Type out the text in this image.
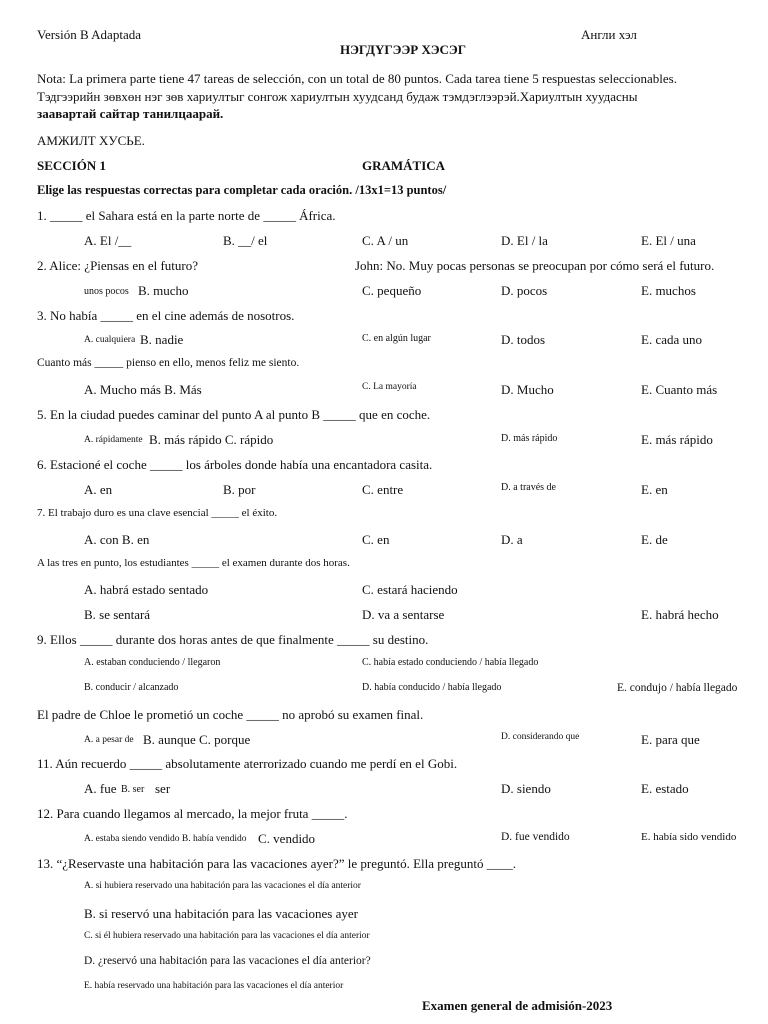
Versión B Adaptada	Англи хэл
НЭГДҮГЭЭР ХЭСЭГ
Nota: La primera parte tiene 47 tareas de selección, con un total de 80 puntos. Cada tarea tiene 5 respuestas seleccionables.
Тэдгээрийн зөвхөн нэг зөв хариултыг сонгож хариултын хуудсанд будаж тэмдэглээрэй.Хариултын хуудасны
заавартай сайтар танилцаарай.
АМЖИЛТ ХУСЬЕ.
SECCIÓN 1	GRAMÁTICA
Elige las respuestas correctas para completar cada oración. /13x1=13 puntos/
1. _____ el Sahara está en la parte norte de _____ África.
A. El /__	B. __/ el	C. A / un	D. El / la	E. El / una
2. Alice: ¿Piensas en el futuro?	John: No. Muy pocas personas se preocupan por cómo será el futuro.
unos pocos B. mucho	C. pequeño	D. pocos	E. muchos
3. No había _____ en el cine además de nosotros.
A. cualquiera B. nadie	C. en algún lugar	D. todos	E. cada uno
Cuanto más _____ pienso en ello, menos feliz me siento.
A. Mucho más B. Más	C. La mayoría	D. Mucho	E. Cuanto más
5. En la ciudad puedes caminar del punto A al punto B _____ que en coche.
A. rápidamente B. más rápido C. rápido	D. más rápido	E. más rápido
6. Estacioné el coche _____ los árboles donde había una encantadora casita.
A. en	B. por	C. entre	D. a través de	E. en
7. El trabajo duro es una clave esencial _____ el éxito.
A. con B. en	C. en	D. a	E. de
A las tres en punto, los estudiantes _____ el examen durante dos horas.
A. habrá estado sentado	C. estará haciendo
B. se sentará	D. va a sentarse	E. habrá hecho
9. Ellos _____ durante dos horas antes de que finalmente _____ su destino.
A. estaban conduciendo / llegaron	C. había estado conduciendo / había llegado
B. conducir / alcanzado	D. había conducido / había llegado	E. condujo / había llegado
El padre de Chloe le prometió un coche _____ no aprobó su examen final.
A. a pesar de B. aunque C. porque	D. considerando que	E. para que
11. Aún recuerdo _____ absolutamente aterrorizado cuando me perdí en el Gobi.
A. fue B. ser ser	D. siendo	E. estado
12. Para cuando llegamos al mercado, la mejor fruta _____.
A. estaba siendo vendido B. había vendido C. vendido	D. fue vendido	E. había sido vendido
13. “¿Reservaste una habitación para las vacaciones ayer?” le preguntó. Ella preguntó ____.
A. si hubiera reservado una habitación para las vacaciones el día anterior
B. si reservó una habitación para las vacaciones ayer
C. si él hubiera reservado una habitación para las vacaciones el día anterior
D. ¿reservó una habitación para las vacaciones el día anterior?
E. había reservado una habitación para las vacaciones el día anterior
Examen general de admisión-2023
